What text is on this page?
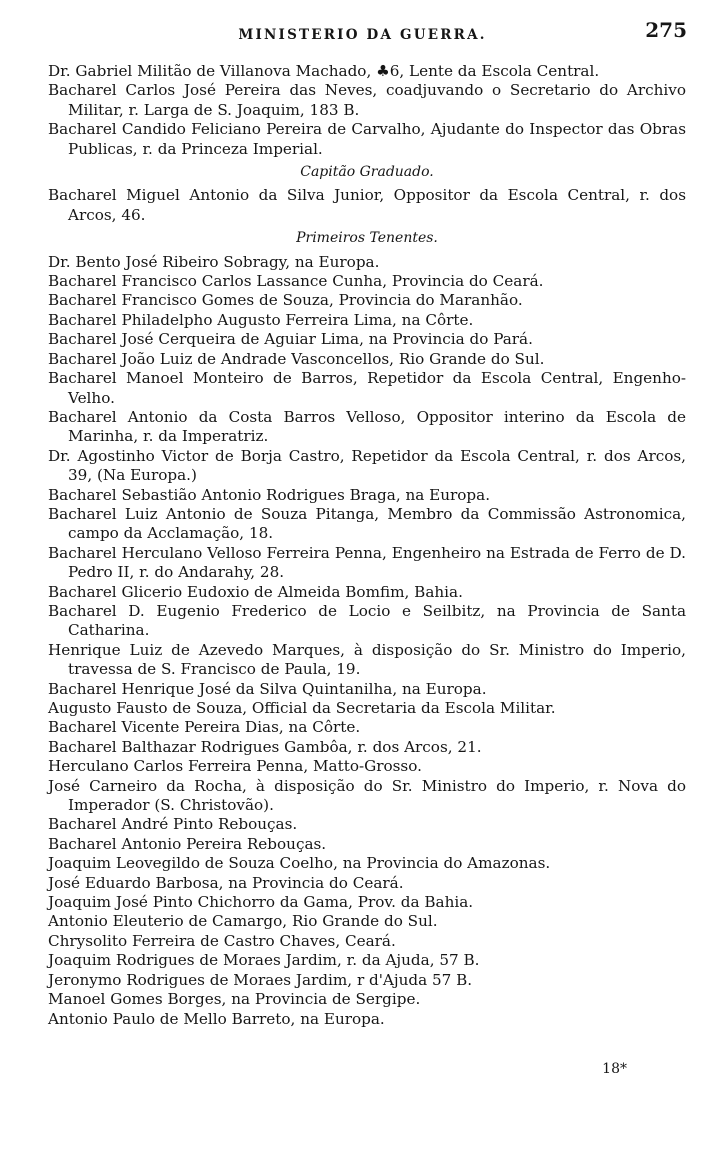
MINISTERIO DA GUERRA.	275

Dr. Gabriel Militão de Villanova Machado, ♣6, Lente da Escola Central.

Bacharel Carlos José Pereira das Neves, coadjuvando o Secretario do Archivo Militar, r. Larga de S. Joaquim, 183 B.

Bacharel Candido Feliciano Pereira de Carvalho, Ajudante do Inspector das Obras Publicas, r. da Princeza Imperial.

Capitão Graduado.

Bacharel Miguel Antonio da Silva Junior, Oppositor da Escola Central, r. dos Arcos, 46.

Primeiros Tenentes.

Dr. Bento José Ribeiro Sobragy, na Europa.

Bacharel Francisco Carlos Lassance Cunha, Provincia do Ceará.

Bacharel Francisco Gomes de Souza, Provincia do Maranhão.

Bacharel Philadelpho Augusto Ferreira Lima, na Côrte.

Bacharel José Cerqueira de Aguiar Lima, na Provincia do Pará.

Bacharel João Luiz de Andrade Vasconcellos, Rio Grande do Sul.

Bacharel Manoel Monteiro de Barros, Repetidor da Escola Central, Engenho-Velho.

Bacharel Antonio da Costa Barros Velloso, Oppositor interino da Escola de Marinha, r. da Imperatriz.

Dr. Agostinho Victor de Borja Castro, Repetidor da Escola Central, r. dos Arcos, 39, (Na Europa.)

Bacharel Sebastião Antonio Rodrigues Braga, na Europa.

Bacharel Luiz Antonio de Souza Pitanga, Membro da Commissão Astronomica, campo da Acclamação, 18.

Bacharel Herculano Velloso Ferreira Penna, Engenheiro na Estrada de Ferro de D. Pedro II, r. do Andarahy, 28.

Bacharel Glicerio Eudoxio de Almeida Bomfim, Bahia.

Bacharel D. Eugenio Frederico de Locio e Seilbitz, na Provincia de Santa Catharina.

Henrique Luiz de Azevedo Marques, à disposição do Sr. Ministro do Imperio, travessa de S. Francisco de Paula, 19.

Bacharel Henrique José da Silva Quintanilha, na Europa.

Augusto Fausto de Souza, Official da Secretaria da Escola Militar.

Bacharel Vicente Pereira Dias, na Côrte.

Bacharel Balthazar Rodrigues Gambôa, r. dos Arcos, 21.

Herculano Carlos Ferreira Penna, Matto-Grosso.

José Carneiro da Rocha, à disposição do Sr. Ministro do Imperio, r. Nova do Imperador (S. Christovão).

Bacharel André Pinto Rebouças.

Bacharel Antonio Pereira Rebouças.

Joaquim Leovegildo de Souza Coelho, na Provincia do Amazonas.

José Eduardo Barbosa, na Provincia do Ceará.

Joaquim José Pinto Chichorro da Gama, Prov. da Bahia.

Antonio Eleuterio de Camargo, Rio Grande do Sul.

Chrysolito Ferreira de Castro Chaves, Ceará.

Joaquim Rodrigues de Moraes Jardim, r. da Ajuda, 57 B.

Jeronymo Rodrigues de Moraes Jardim, r d'Ajuda 57 B.

Manoel Gomes Borges, na Provincia de Sergipe.

Antonio Paulo de Mello Barreto, na Europa.

18*
